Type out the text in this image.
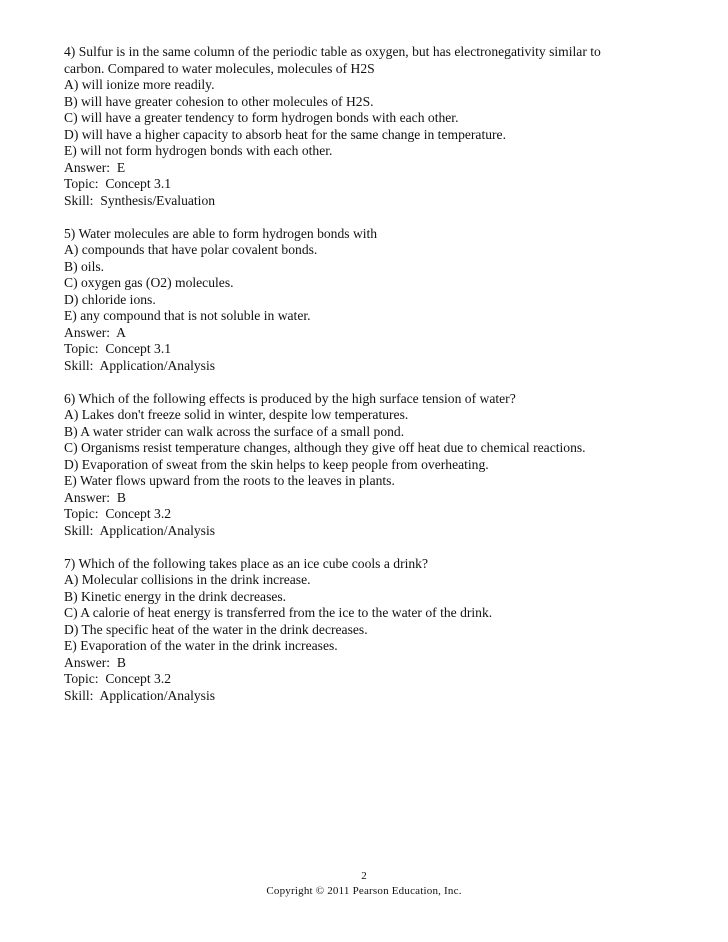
4) Sulfur is in the same column of the periodic table as oxygen, but has electronegativity similar to
carbon. Compared to water molecules, molecules of H2S
A) will ionize more readily.
B) will have greater cohesion to other molecules of H2S.
C) will have a greater tendency to form hydrogen bonds with each other.
D) will have a higher capacity to absorb heat for the same change in temperature.
E) will not form hydrogen bonds with each other.
Answer:  E
Topic:  Concept 3.1
Skill:  Synthesis/Evaluation
5) Water molecules are able to form hydrogen bonds with
A) compounds that have polar covalent bonds.
B) oils.
C) oxygen gas (O2) molecules.
D) chloride ions.
E) any compound that is not soluble in water.
Answer:  A
Topic:  Concept 3.1
Skill:  Application/Analysis
6) Which of the following effects is produced by the high surface tension of water?
A) Lakes don't freeze solid in winter, despite low temperatures.
B) A water strider can walk across the surface of a small pond.
C) Organisms resist temperature changes, although they give off heat due to chemical reactions.
D) Evaporation of sweat from the skin helps to keep people from overheating.
E) Water flows upward from the roots to the leaves in plants.
Answer:  B
Topic:  Concept 3.2
Skill:  Application/Analysis
7) Which of the following takes place as an ice cube cools a drink?
A) Molecular collisions in the drink increase.
B) Kinetic energy in the drink decreases.
C) A calorie of heat energy is transferred from the ice to the water of the drink.
D) The specific heat of the water in the drink decreases.
E) Evaporation of the water in the drink increases.
Answer:  B
Topic:  Concept 3.2
Skill:  Application/Analysis
2
Copyright © 2011 Pearson Education, Inc.
